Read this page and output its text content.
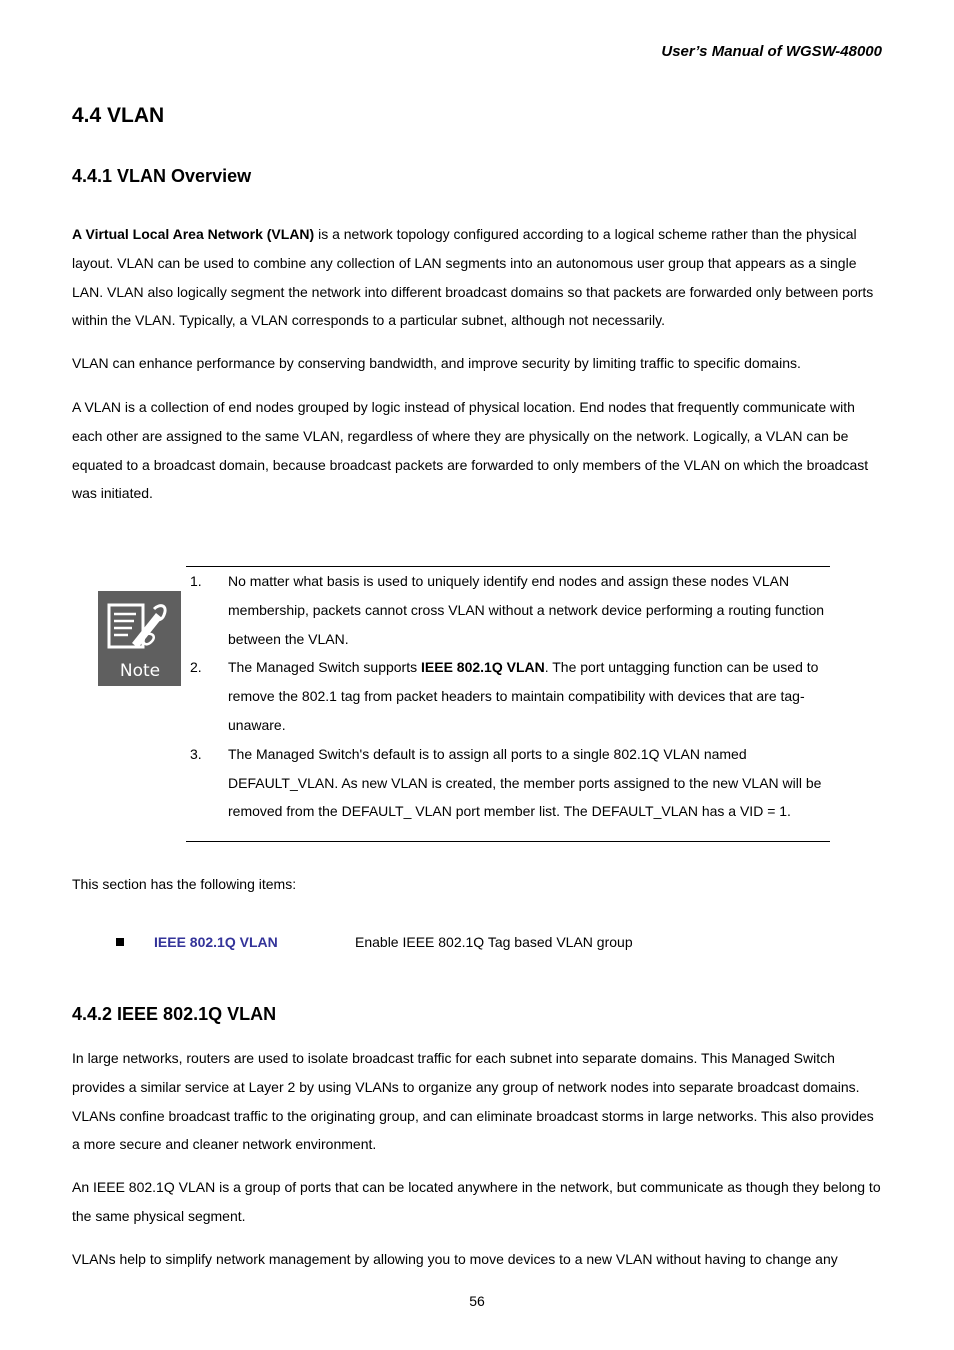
User’s Manual of WGSW-48000
4.4 VLAN
4.4.1 VLAN Overview

A Virtual Local Area Network (VLAN) is a network topology configured according to a logical scheme rather than the physical layout. VLAN can be used to combine any collection of LAN segments into an autonomous user group that appears as a single LAN. VLAN also logically segment the network into different broadcast domains so that packets are forwarded only between ports within the VLAN. Typically, a VLAN corresponds to a particular subnet, although not necessarily.

VLAN can enhance performance by conserving bandwidth, and improve security by limiting traffic to specific domains.

A VLAN is a collection of end nodes grouped by logic instead of physical location. End nodes that frequently communicate with each other are assigned to the same VLAN, regardless of where they are physically on the network. Logically, a VLAN can be equated to a broadcast domain, because broadcast packets are forwarded to only members of the VLAN on which the broadcast was initiated.

Note
1. No matter what basis is used to uniquely identify end nodes and assign these nodes VLAN membership, packets cannot cross VLAN without a network device performing a routing function between the VLAN.
2. The Managed Switch supports IEEE 802.1Q VLAN. The port untagging function can be used to remove the 802.1 tag from packet headers to maintain compatibility with devices that are tag-unaware.
3. The Managed Switch's default is to assign all ports to a single 802.1Q VLAN named DEFAULT_VLAN. As new VLAN is created, the member ports assigned to the new VLAN will be removed from the DEFAULT_ VLAN port member list. The DEFAULT_VLAN has a VID = 1.

This section has the following items:

IEEE 802.1Q VLAN	Enable IEEE 802.1Q Tag based VLAN group
4.4.2 IEEE 802.1Q VLAN

In large networks, routers are used to isolate broadcast traffic for each subnet into separate domains. This Managed Switch provides a similar service at Layer 2 by using VLANs to organize any group of network nodes into separate broadcast domains. VLANs confine broadcast traffic to the originating group, and can eliminate broadcast storms in large networks. This also provides a more secure and cleaner network environment.

An IEEE 802.1Q VLAN is a group of ports that can be located anywhere in the network, but communicate as though they belong to the same physical segment.

VLANs help to simplify network management by allowing you to move devices to a new VLAN without having to change any

56
